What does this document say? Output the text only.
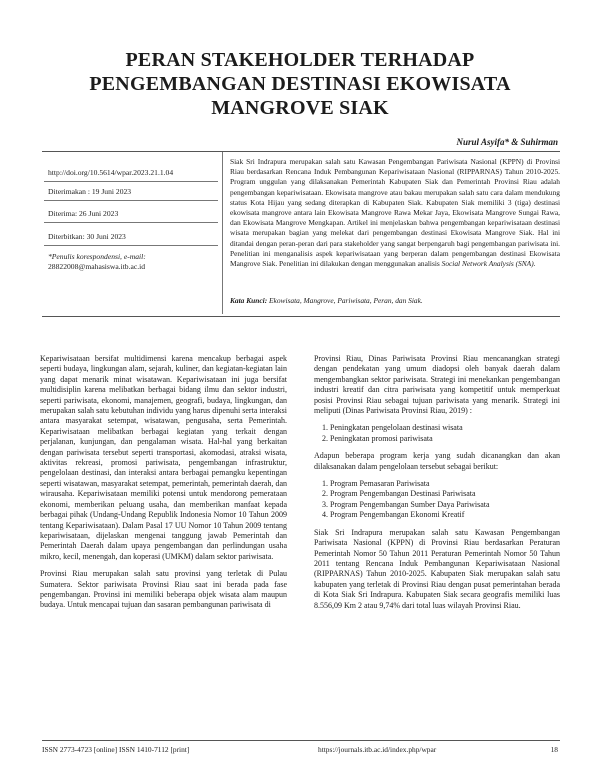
PERAN STAKEHOLDER TERHADAP
PENGEMBANGAN DESTINASI EKOWISATA
MANGROVE SIAK
Nurul Asyifa* & Suhirman
http://doi.org/10.5614/wpar.2023.21.1.04
Diterimakan : 19 Juni 2023
Diterima: 26 Juni 2023
Diterbitkan: 30 Juni 2023
*Penulis korespondensi, e-mail:
28822008@mahasiswa.itb.ac.id
Siak Sri Indrapura merupakan salah satu Kawasan Pengembangan Pariwisata Nasional (KPPN) di Provinsi Riau berdasarkan Rencana Induk Pembangunan Kepariwisataan Nasional (RIPPARNAS) Tahun 2010-2025. Program unggulan yang dilaksanakan Pemerintah Kabupaten Siak dan Pemerintah Provinsi Riau adalah pengembangan kepariwisataan. Ekowisata mangrove atau bakau merupakan salah satu cara dalam mendukung status Kota Hijau yang sedang diterapkan di Kabupaten Siak. Kabupaten Siak memiliki 3 (tiga) destinasi ekowisata mangrove antara lain Ekowisata Mangrove Rawa Mekar Jaya, Ekowisata Mangrove Sungai Rawa, dan Ekowisata Mangrove Mengkapan. Artikel ini menjelaskan bahwa pengembangan kepariwisataan destinasi wisata merupakan bagian yang melekat dari pengembangan destinasi Ekowisata Mangrove Siak. Hal ini ditandai dengan peran-peran dari para stakeholder yang sangat berpengaruh bagi pengembangan pariwisata ini. Penelitian ini menganalisis aspek kepariwisataan yang berperan dalam pengembangan destinasi Ekowisata Mangrove Siak. Penelitian ini dilakukan dengan menggunakan analisis Social Network Analysis (SNA).
Kata Kunci: Ekowisata, Mangrove, Pariwisata, Peran, dan Siak.

Kepariwisataan bersifat multidimensi karena mencakup berbagai aspek seperti budaya, lingkungan alam, sejarah, kuliner, dan kegiatan-kegiatan lain yang dapat menarik minat wisatawan. Kepariwisataan ini juga bersifat multidisiplin karena melibatkan berbagai bidang ilmu dan sektor industri, seperti pariwisata, ekonomi, manajemen, geografi, budaya, lingkungan, dan merupakan salah satu kebutuhan individu yang harus dipenuhi serta interaksi antara masyarakat setempat, wisatawan, pengusaha, serta Pemerintah. Kepariwisataan melibatkan berbagai kegiatan yang terkait dengan perjalanan, kunjungan, dan pengalaman wisata. Hal-hal yang berkaitan dengan pariwisata tersebut seperti transportasi, akomodasi, atraksi wisata, aktivitas rekreasi, promosi pariwisata, pengembangan infrastruktur, pengelolaan destinasi, dan interaksi antara berbagai pemangku kepentingan seperti wisatawan, masyarakat setempat, pemerintah, pemerintah daerah, dan wirausaha. Kepariwisataan memiliki potensi untuk mendorong pemerataan ekonomi, memberikan peluang usaha, dan memberikan manfaat kepada berbagai pihak (Undang-Undang Republik Indonesia Nomor 10 Tahun 2009 tentang Kepariwisataan). Dalam Pasal 17 UU Nomor 10 Tahun 2009 tentang kepariwisataan, dijelaskan mengenai tanggung jawab Pemerintah dan Pemerintah Daerah dalam upaya pengembangan dan perlindungan usaha mikro, kecil, menengah, dan koperasi (UMKM) dalam sektor pariwisata.

Provinsi Riau merupakan salah satu provinsi yang terletak di Pulau Sumatera. Sektor pariwisata Provinsi Riau saat ini berada pada fase pengembangan. Provinsi ini memiliki beberapa objek wisata alam maupun budaya. Untuk mencapai tujuan dan sasaran pembangunan pariwisata di

Provinsi Riau, Dinas Pariwisata Provinsi Riau mencanangkan strategi dengan pendekatan yang umum diadopsi oleh banyak daerah dalam mengembangkan sektor pariwisata. Strategi ini menekankan pengembangan industri kreatif dan citra pariwisata yang kompetitif untuk memperkuat posisi Provinsi Riau sebagai tujuan pariwisata yang menarik. Strategi ini meliputi (Dinas Pariwisata Provinsi Riau, 2019) :

1. Peningkatan pengelolaan destinasi wisata
2. Peningkatan promosi pariwisata

Adapun beberapa program kerja yang sudah dicanangkan dan akan dilaksanakan dalam pengelolaan tersebut sebagai berikut:

1. Program Pemasaran Pariwisata
2. Program Pengembangan Destinasi Pariwisata
3. Program Pengembangan Sumber Daya Pariwisata
4. Program Pengembangan Ekonomi Kreatif

Siak Sri Indrapura merupakan salah satu Kawasan Pengembangan Pariwisata Nasional (KPPN) di Provinsi Riau berdasarkan Peraturan Pemerintah Nomor 50 Tahun 2011 Peraturan Pemerintah Nomor 50 Tahun 2011 tentang Rencana Induk Pembangunan Kepariwisataan Nasional (RIPPARNAS) Tahun 2010-2025. Kabupaten Siak merupakan salah satu kabupaten yang terletak di Provinsi Riau dengan pusat pemerintahan berada di Kota Siak Sri Indrapura. Kabupaten Siak secara geografis memiliki luas 8.556,09 Km 2 atau 9,74% dari total luas wilayah Provinsi Riau.

ISSN 2773-4723 [online] ISSN 1410-7112 [print]	https://journals.itb.ac.id/index.php/wpar	18
